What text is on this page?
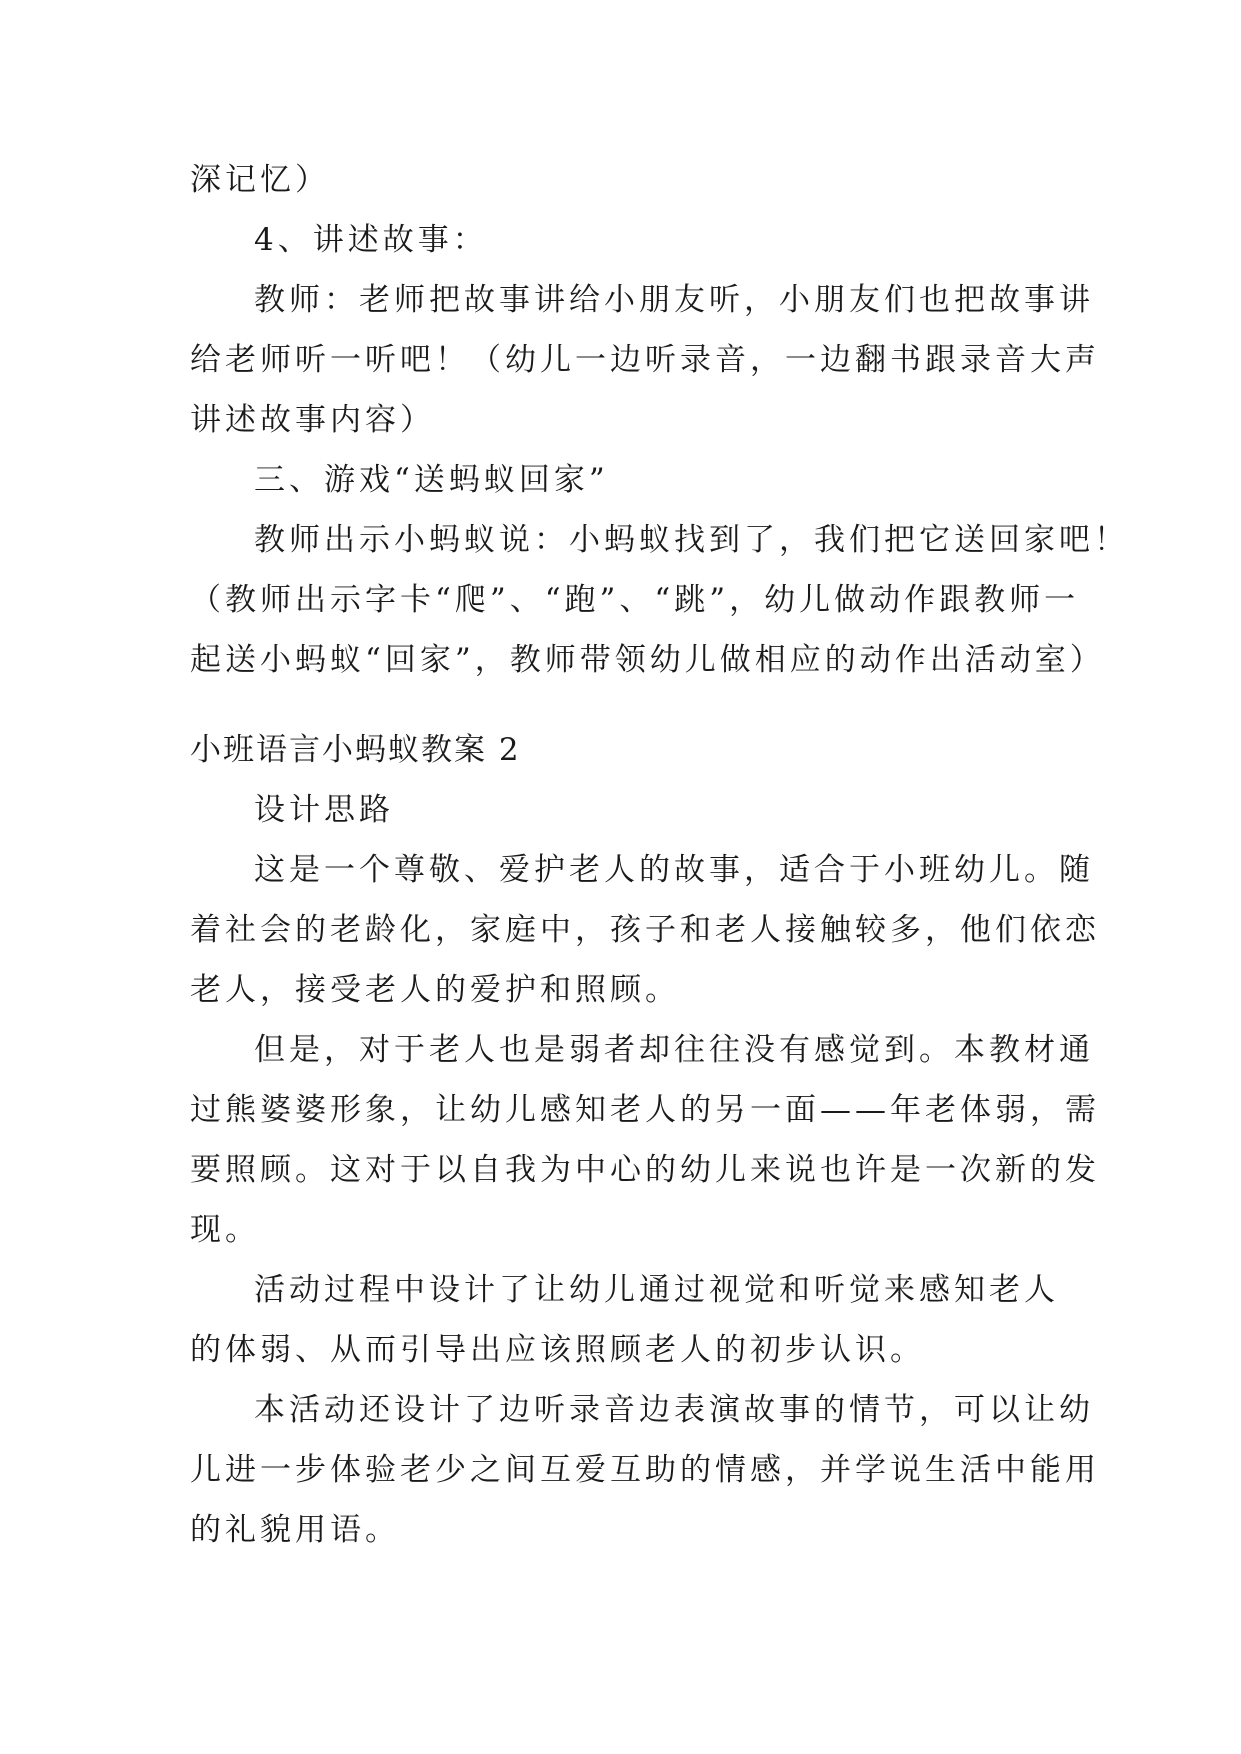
深记忆）
4、讲述故事：
教师：老师把故事讲给小朋友听，小朋友们也把故事讲
给老师听一听吧！（幼儿一边听录音，一边翻书跟录音大声
讲述故事内容）
三、游戏“送蚂蚁回家”
教师出示小蚂蚁说：小蚂蚁找到了，我们把它送回家吧！
（教师出示字卡“爬”、“跑”、“跳”，幼儿做动作跟教师一
起送小蚂蚁“回家”，教师带领幼儿做相应的动作出活动室）
小班语言小蚂蚁教案 2
设计思路
这是一个尊敬、爱护老人的故事，适合于小班幼儿。随
着社会的老龄化，家庭中，孩子和老人接触较多，他们依恋
老人，接受老人的爱护和照顾。
但是，对于老人也是弱者却往往没有感觉到。本教材通
过熊婆婆形象，让幼儿感知老人的另一面——年老体弱，需
要照顾。这对于以自我为中心的幼儿来说也许是一次新的发
现。
活动过程中设计了让幼儿通过视觉和听觉来感知老人
的体弱、从而引导出应该照顾老人的初步认识。
本活动还设计了边听录音边表演故事的情节，可以让幼
儿进一步体验老少之间互爱互助的情感，并学说生活中能用
的礼貌用语。
